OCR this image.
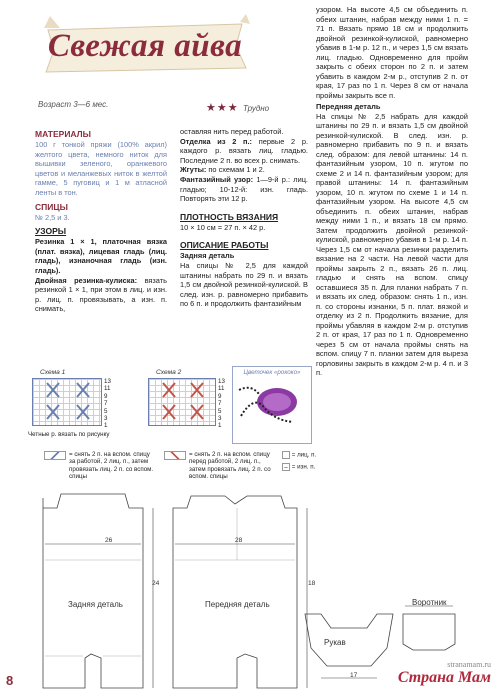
Свежая айва
Возраст 3—6 мес.	★★★ Трудно
МАТЕРИАЛЫ
100 г тонкой пряжи (100% акрил) желтого цвета, немного ниток для вышивки зеленого, оранжевого цветов и меланжевых ниток в желтой гамме, 5 пуговиц и 1 м атласной ленты в тон.
СПИЦЫ
№ 2,5 и 3.
УЗОРЫ
Резинка 1 × 1, платочная вязка (плат. вязка), лицевая гладь (лиц. гладь), изнаночная гладь (изн. гладь).
Двойная резинка-кулиска: вязать резинкой 1 × 1, при этом в лиц. и изн. р. лиц. п. провязывать, а изн. п. снимать,
оставляя нить перед работой.
Отделка из 2 п.: первые 2 р. каждого р. вязать лиц. гладью. Последние 2 п. во всех р. снимать.
Жгуты: по схемам 1 и 2.
Фантазийный узор: 1—9-й р.: лиц. гладью; 10-12-й: изн. гладь. Повторять эти 12 р.
ПЛОТНОСТЬ ВЯЗАНИЯ
10 × 10 см = 27 п. × 42 р.
ОПИСАНИЕ РАБОТЫ
Задняя деталь
На спицы № 2,5 для каждой штанины набрать по 29 п. и вязать 1,5 см двойной резинкой-кулиской. В след. изн. р. равномерно прибавить по 6 п. и продолжить фантазийным
узором. На высоте 4,5 см объединить п. обеих штанин, набрав между ними 1 п. = 71 п. Вязать прямо 18 см и продолжить двойной резинкой-кулиской, равномерно убавив в 1-м р. 12 п., и через 1,5 см вязать лиц. гладью. Одновременно для пройм закрыть с обеих сторон по 2 п. и затем убавить в каждом 2-м р., отступив 2 п. от края, 17 раз по 1 п. Через 8 см от начала проймы закрыть все п.
Передняя деталь
На спицы № 2,5 набрать для каждой штанины по 29 п. и вязать 1,5 см двойной резинкой-кулиской. В след. изн. р. равномерно прибавить по 9 п. и вязать след. образом: для левой штанины: 14 п. фантазийным узором, 10 п. жгутом по схеме 2 и 14 п. фантазийным узором; для правой штанины: 14 п. фантазийным узором, 10 п. жгутом по схеме 1 и 14 п. фантазийным узором. На высоте 4,5 см объединить п. обеих штанин, набрав между ними 1 п., и вязать 18 см прямо. Затем продолжить двойной резинкой-кулиской, равномерно убавив в 1-м р. 14 п. Через 1,5 см от начала резинки разделить вязание на 2 части. На левой части для проймы закрыть 2 п., вязать 26 п. лиц. гладью и снять на вспом. спицу оставшиеся 35 п. Для планки набрать 7 п. и вязать их след. образом: снять 1 п., изн. п. со стороны изнанки, 5 п. плат. вязкой и отделку из 2 п. Продолжить вязание, для проймы убавляя в каждом 2-м р. отступив 2 п. от края, 17 раз по 1 п. Одновременно через 5 см от начала проймы снять на вспом. спицу 7 п. планки затем для выреза горловины закрыть в каждом 2-м р. 4 п. и 3 п.
Схема 1
13
11
9
7
5
3
1
Схема 2
13
11
9
7
5
3
1
Четные р. вязать по рисунку
Цветочек «рококо»
= снять 2 п. на вспом. спицу за работой, 2 лиц. п., затем провязать лиц. 2 п. со вспом. спицы
= снять 2 п. на вспом. спицу перед работой, 2 лиц. п., затем провязать лиц. 2 п. со вспом. спицы
= лиц. п.
– = изн. п.
26	28
24	18
Задняя деталь	Передняя деталь
Рукав
17
Воротник
8
stranamam.ru
Страна Мам
